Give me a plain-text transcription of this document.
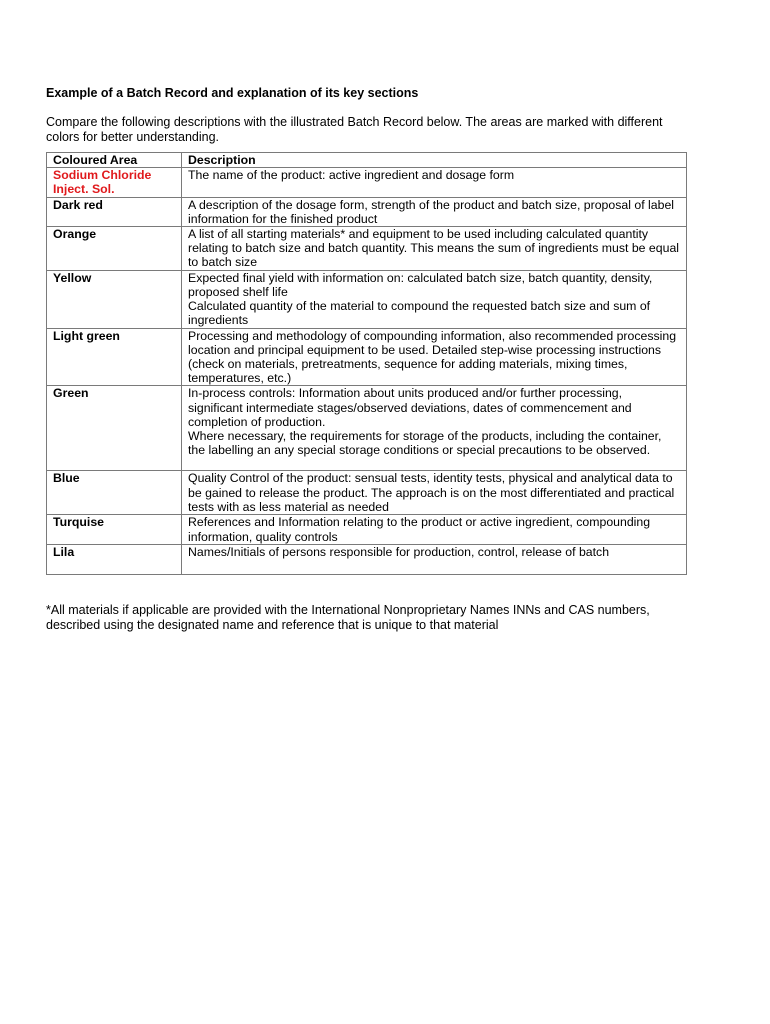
Example of a Batch Record and explanation of its key sections

Compare the following descriptions with the illustrated Batch Record below. The areas are marked with different colors for better understanding.

Coloured Area	Description
Sodium Chloride Inject. Sol.	The name of the product: active ingredient and dosage form
Dark red	A description of the dosage form, strength of the product and batch size, proposal of label information for the finished product
Orange	A list of all starting materials* and equipment to be used including calculated quantity relating to batch size and batch quantity. This means the sum of ingredients must be equal to batch size
Yellow	Expected final yield with information on: calculated batch size, batch quantity, density, proposed shelf life
Calculated quantity of the material to compound the requested batch size and sum of ingredients

Light green	Processing and methodology of compounding information, also recommended processing location and principal equipment to be used. Detailed step-wise processing instructions (check on materials, pretreatments, sequence for adding materials, mixing times, temperatures, etc.)
Green	In-process controls: Information about units produced and/or further processing, significant intermediate stages/observed deviations, dates of commencement and completion of production.
Where necessary, the requirements for storage of the products, including the container, the labelling an any special storage conditions or special precautions to be observed.

Blue	Quality Control of the product: sensual tests, identity tests, physical and analytical data to be gained to release the product. The approach is on the most differentiated and practical tests with as less material as needed
Turquise	References and Information relating to the product or active ingredient, compounding information, quality controls
Lila	Names/Initials of persons responsible for production, control, release of batch

*All materials if applicable are provided with the International Nonproprietary Names INNs and CAS numbers, described using the designated name and reference that is unique to that material
